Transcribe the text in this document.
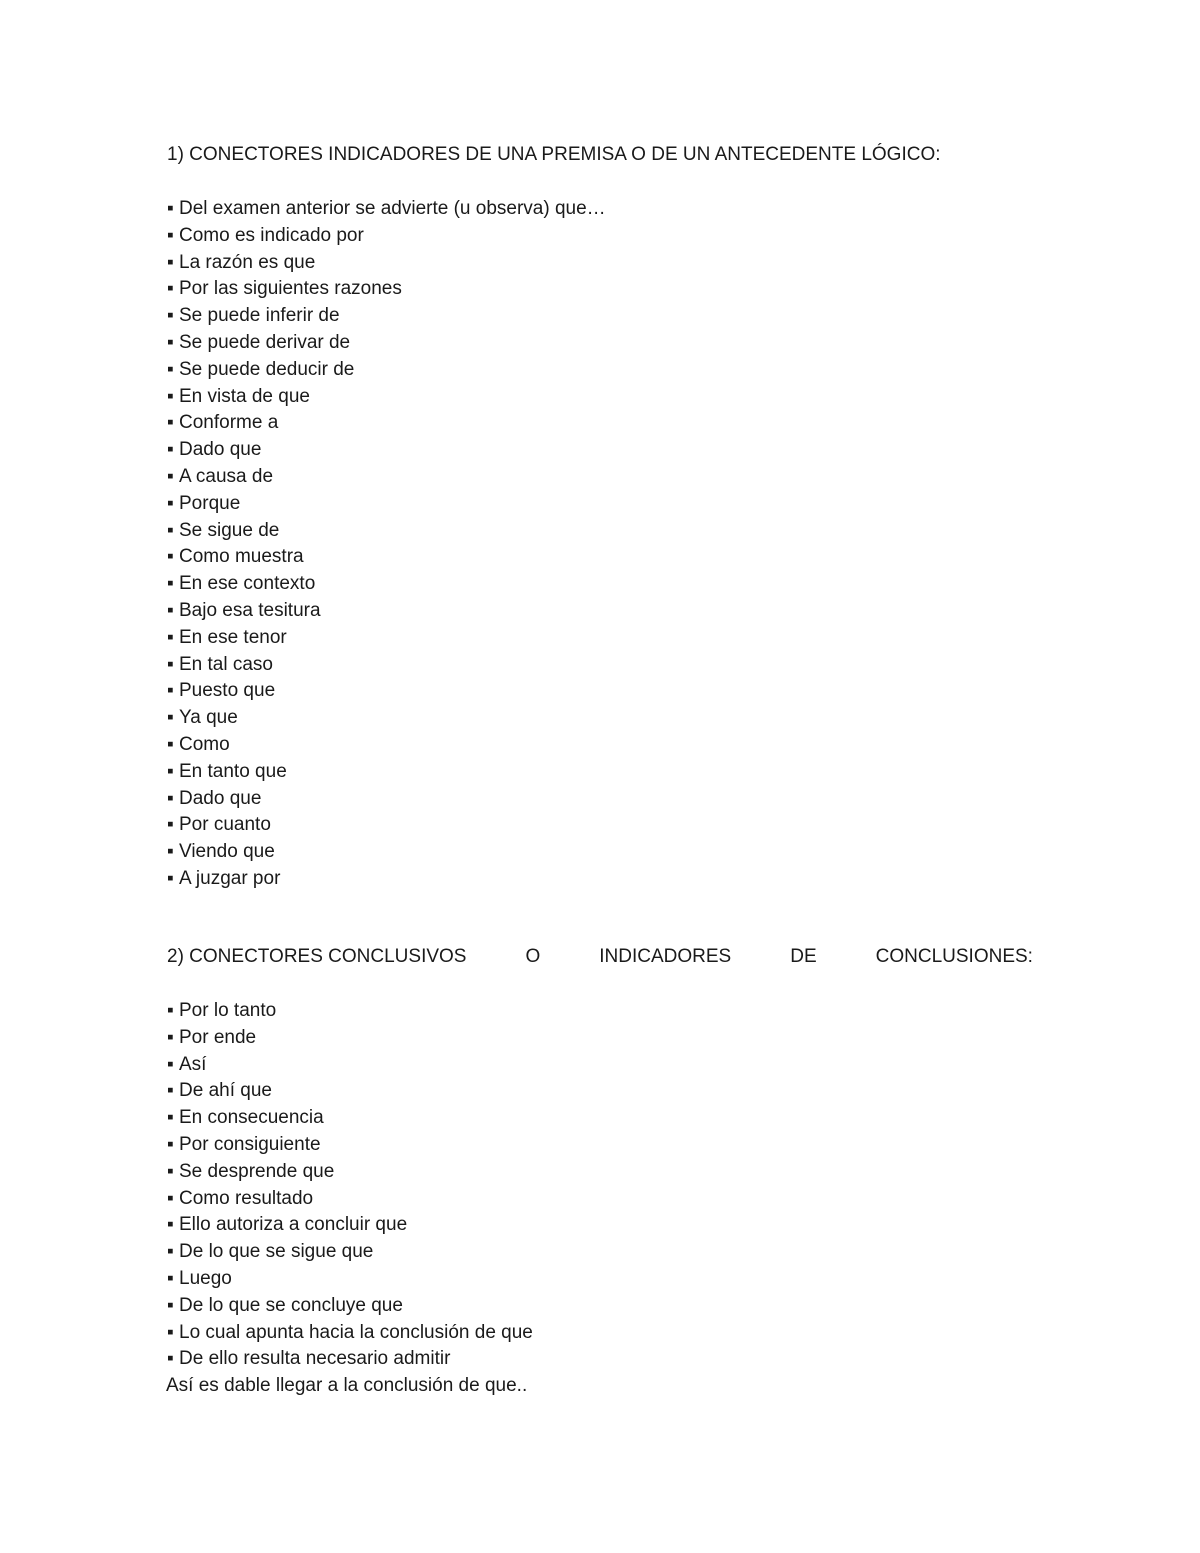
1) CONECTORES INDICADORES DE UNA PREMISA O DE UN ANTECEDENTE LÓGICO:
▪ Del examen anterior se advierte (u observa) que…
▪ Como es indicado por
▪ La razón es que
▪ Por las siguientes razones
▪ Se puede inferir de
▪ Se puede derivar de
▪ Se puede deducir de
▪ En vista de que
▪ Conforme a
▪ Dado que
▪ A causa de
▪ Porque
▪ Se sigue de
▪ Como muestra
▪ En ese contexto
▪ Bajo esa tesitura
▪ En ese tenor
▪ En tal caso
▪ Puesto que
▪ Ya que
▪ Como
▪ En tanto que
▪ Dado que
▪ Por cuanto
▪ Viendo que
▪ A juzgar por
2) CONECTORES CONCLUSIVOS	O	INDICADORES	DE	CONCLUSIONES:
▪ Por lo tanto
▪ Por ende
▪ Así
▪ De ahí que
▪ En consecuencia
▪ Por consiguiente
▪ Se desprende que
▪ Como resultado
▪ Ello autoriza a concluir que
▪ De lo que se sigue que
▪ Luego
▪ De lo que se concluye que
▪ Lo cual apunta hacia la conclusión de que
▪ De ello resulta necesario admitir

Así es dable llegar a la conclusión de que..
